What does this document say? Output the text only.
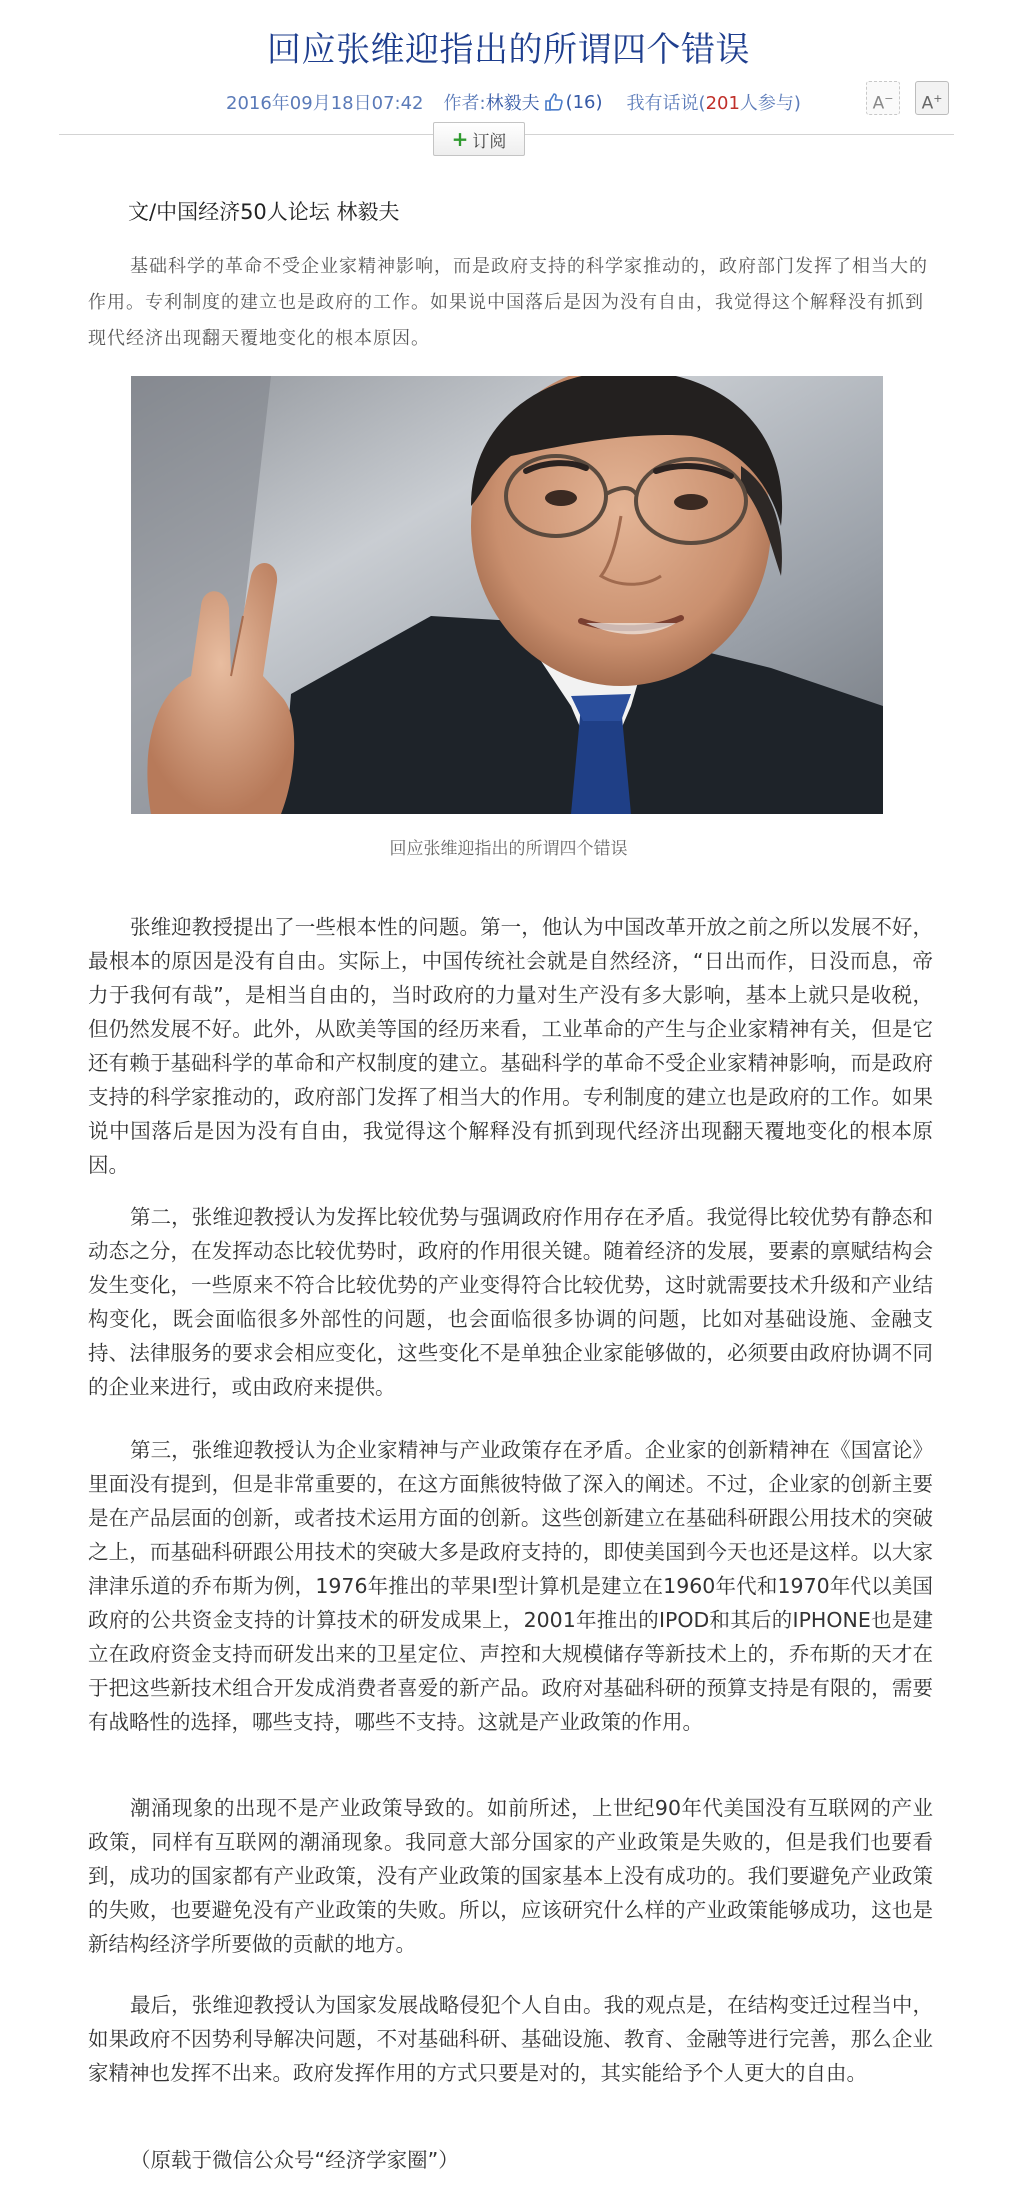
回应张维迎指出的所谓四个错误
2016年09月18日07:42 作者: 林毅夫 (16) 我有话说(201人参与)	A−	A+
+ 订阅

文/中国经济50人论坛 林毅夫

基础科学的革命不受企业家精神影响，而是政府支持的科学家推动的，政府部门发挥了相当大的作用。专利制度的建立也是政府的工作。如果说中国落后是因为没有自由，我觉得这个解释没有抓到现代经济出现翻天覆地变化的根本原因。

回应张维迎指出的所谓四个错误

张维迎教授提出了一些根本性的问题。第一，他认为中国改革开放之前之所以发展不好，最根本的原因是没有自由。实际上，中国传统社会就是自然经济，“日出而作，日没而息，帝力于我何有哉”，是相当自由的，当时政府的力量对生产没有多大影响，基本上就只是收税，但仍然发展不好。此外，从欧美等国的经历来看，工业革命的产生与企业家精神有关，但是它还有赖于基础科学的革命和产权制度的建立。基础科学的革命不受企业家精神影响，而是政府支持的科学家推动的，政府部门发挥了相当大的作用。专利制度的建立也是政府的工作。如果说中国落后是因为没有自由，我觉得这个解释没有抓到现代经济出现翻天覆地变化的根本原因。

第二，张维迎教授认为发挥比较优势与强调政府作用存在矛盾。我觉得比较优势有静态和动态之分，在发挥动态比较优势时，政府的作用很关键。随着经济的发展，要素的禀赋结构会发生变化，一些原来不符合比较优势的产业变得符合比较优势，这时就需要技术升级和产业结构变化，既会面临很多外部性的问题，也会面临很多协调的问题，比如对基础设施、金融支持、法律服务的要求会相应变化，这些变化不是单独企业家能够做的，必须要由政府协调不同的企业来进行，或由政府来提供。

第三，张维迎教授认为企业家精神与产业政策存在矛盾。企业家的创新精神在《国富论》里面没有提到，但是非常重要的，在这方面熊彼特做了深入的阐述。不过，企业家的创新主要是在产品层面的创新，或者技术运用方面的创新。这些创新建立在基础科研跟公用技术的突破之上，而基础科研跟公用技术的突破大多是政府支持的，即使美国到今天也还是这样。以大家津津乐道的乔布斯为例，1976年推出的苹果I型计算机是建立在1960年代和1970年代以美国政府的公共资金支持的计算技术的研发成果上，2001年推出的IPOD和其后的IPHONE也是建立在政府资金支持而研发出来的卫星定位、声控和大规模储存等新技术上的，乔布斯的天才在于把这些新技术组合开发成消费者喜爱的新产品。政府对基础科研的预算支持是有限的，需要有战略性的选择，哪些支持，哪些不支持。这就是产业政策的作用。

潮涌现象的出现不是产业政策导致的。如前所述，上世纪90年代美国没有互联网的产业政策，同样有互联网的潮涌现象。我同意大部分国家的产业政策是失败的，但是我们也要看到，成功的国家都有产业政策，没有产业政策的国家基本上没有成功的。我们要避免产业政策的失败，也要避免没有产业政策的失败。所以，应该研究什么样的产业政策能够成功，这也是新结构经济学所要做的贡献的地方。

最后，张维迎教授认为国家发展战略侵犯个人自由。我的观点是，在结构变迁过程当中，如果政府不因势利导解决问题，不对基础科研、基础设施、教育、金融等进行完善，那么企业家精神也发挥不出来。政府发挥作用的方式只要是对的，其实能给予个人更大的自由。

（原载于微信公众号“经济学家圈”）
